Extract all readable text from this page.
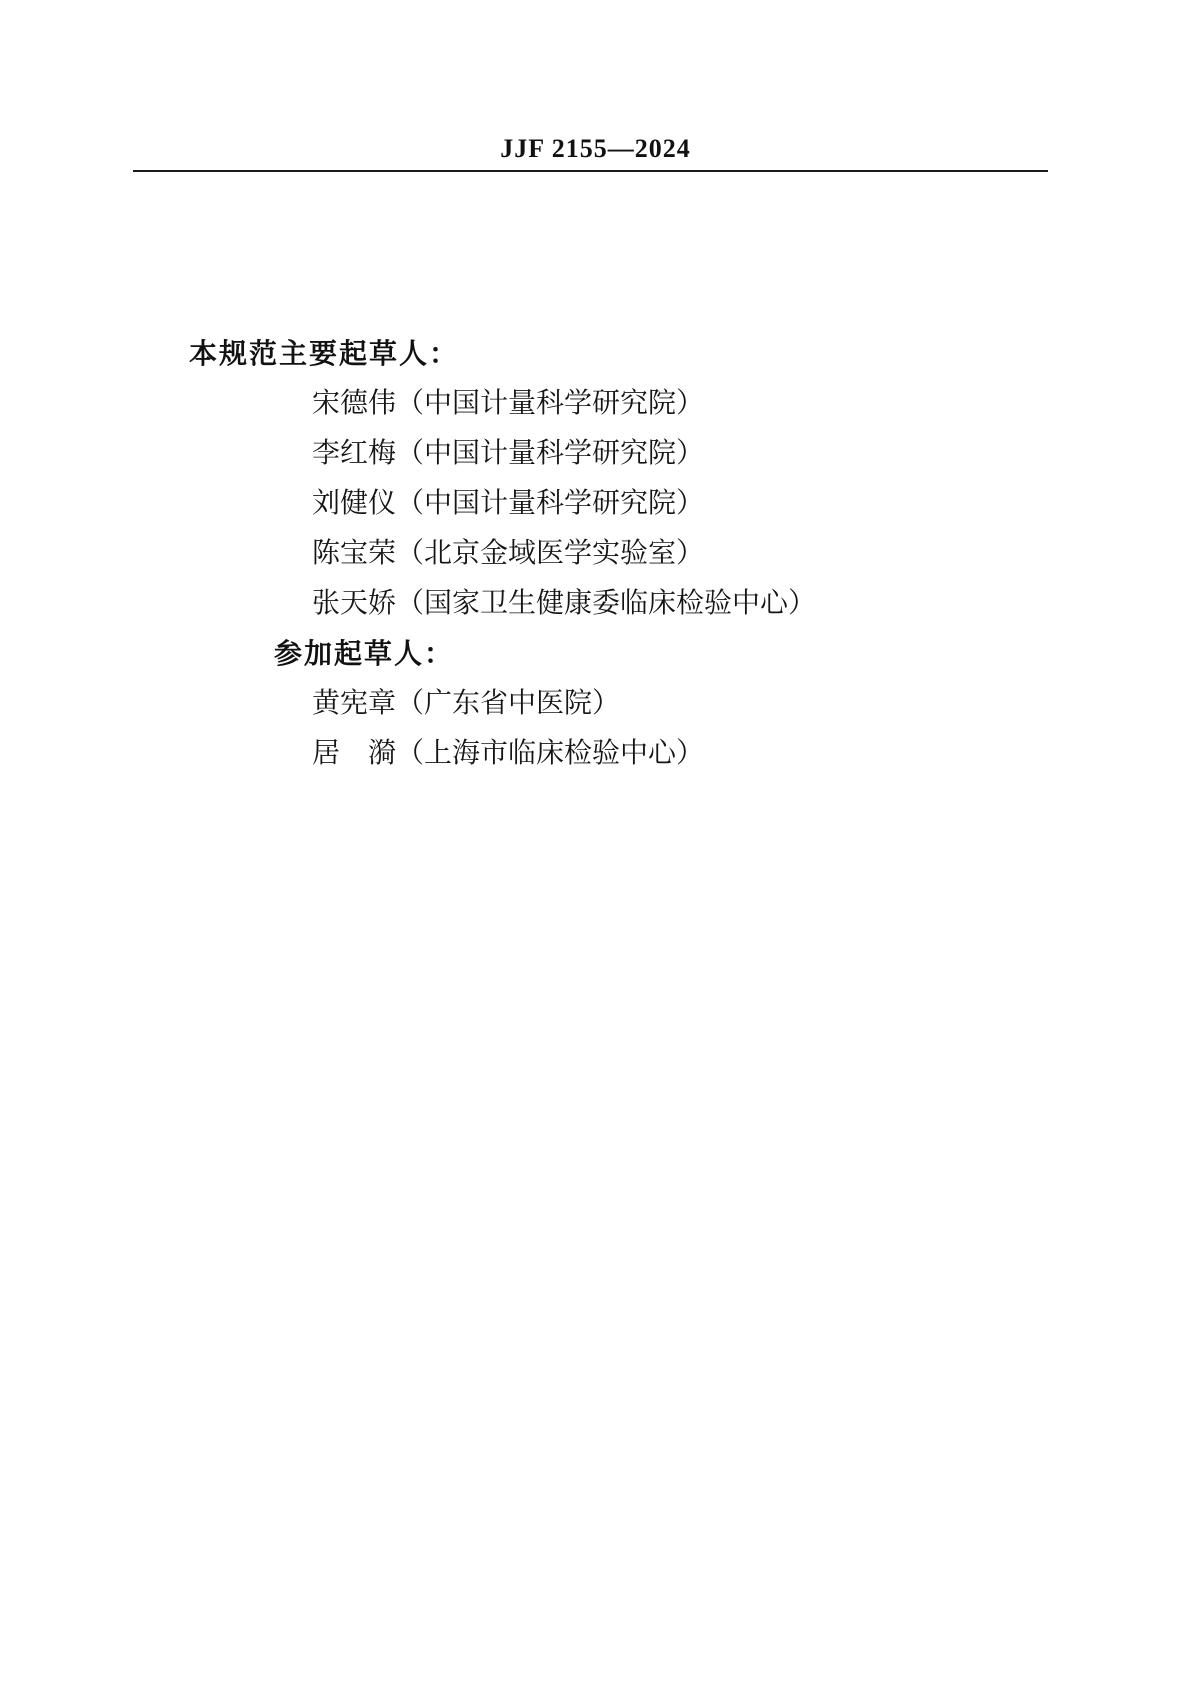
JJF 2155—2024
本规范主要起草人：
宋德伟（中国计量科学研究院）
李红梅（中国计量科学研究院）
刘健仪（中国计量科学研究院）
陈宝荣（北京金域医学实验室）
张天娇（国家卫生健康委临床检验中心）
参加起草人：
黄宪章（广东省中医院）
居　漪（上海市临床检验中心）
